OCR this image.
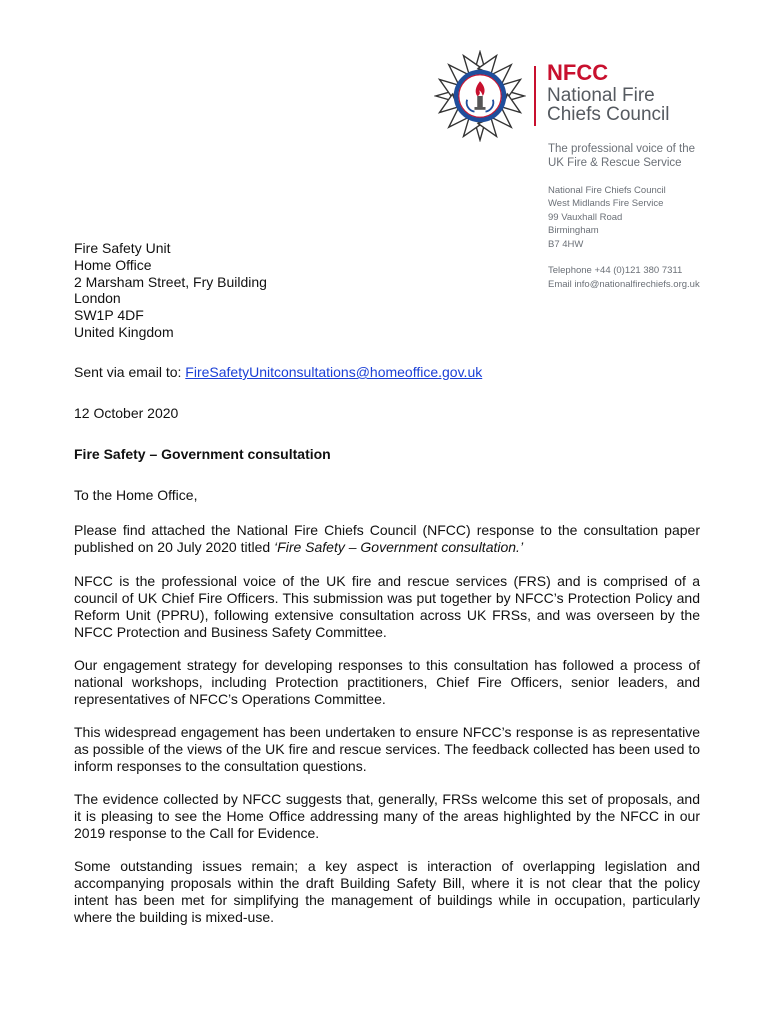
NFCC
National Fire
Chiefs Council
The professional voice of the
UK Fire & Rescue Service
National Fire Chiefs Council
West Midlands Fire Service
99 Vauxhall Road
Birmingham
B7 4HW
Telephone +44 (0)121 380 7311
Email info@nationalfirechiefs.org.uk
Fire Safety Unit
Home Office
2 Marsham Street, Fry Building
London
SW1P 4DF
United Kingdom
Sent via email to: FireSafetyUnitconsultations@homeoffice.gov.uk
12 October 2020
Fire Safety – Government consultation
To the Home Office,
Please find attached the National Fire Chiefs Council (NFCC) response to the consultation paper published on 20 July 2020 titled ‘Fire Safety – Government consultation.’
NFCC is the professional voice of the UK fire and rescue services (FRS) and is comprised of a council of UK Chief Fire Officers. This submission was put together by NFCC’s Protection Policy and Reform Unit (PPRU), following extensive consultation across UK FRSs, and was overseen by the NFCC Protection and Business Safety Committee.
Our engagement strategy for developing responses to this consultation has followed a process of national workshops, including Protection practitioners, Chief Fire Officers, senior leaders, and representatives of NFCC’s Operations Committee.
This widespread engagement has been undertaken to ensure NFCC’s response is as representative as possible of the views of the UK fire and rescue services. The feedback collected has been used to inform responses to the consultation questions.
The evidence collected by NFCC suggests that, generally, FRSs welcome this set of proposals, and it is pleasing to see the Home Office addressing many of the areas highlighted by the NFCC in our 2019 response to the Call for Evidence.
Some outstanding issues remain; a key aspect is interaction of overlapping legislation and accompanying proposals within the draft Building Safety Bill, where it is not clear that the policy intent has been met for simplifying the management of buildings while in occupation, particularly where the building is mixed-use.
